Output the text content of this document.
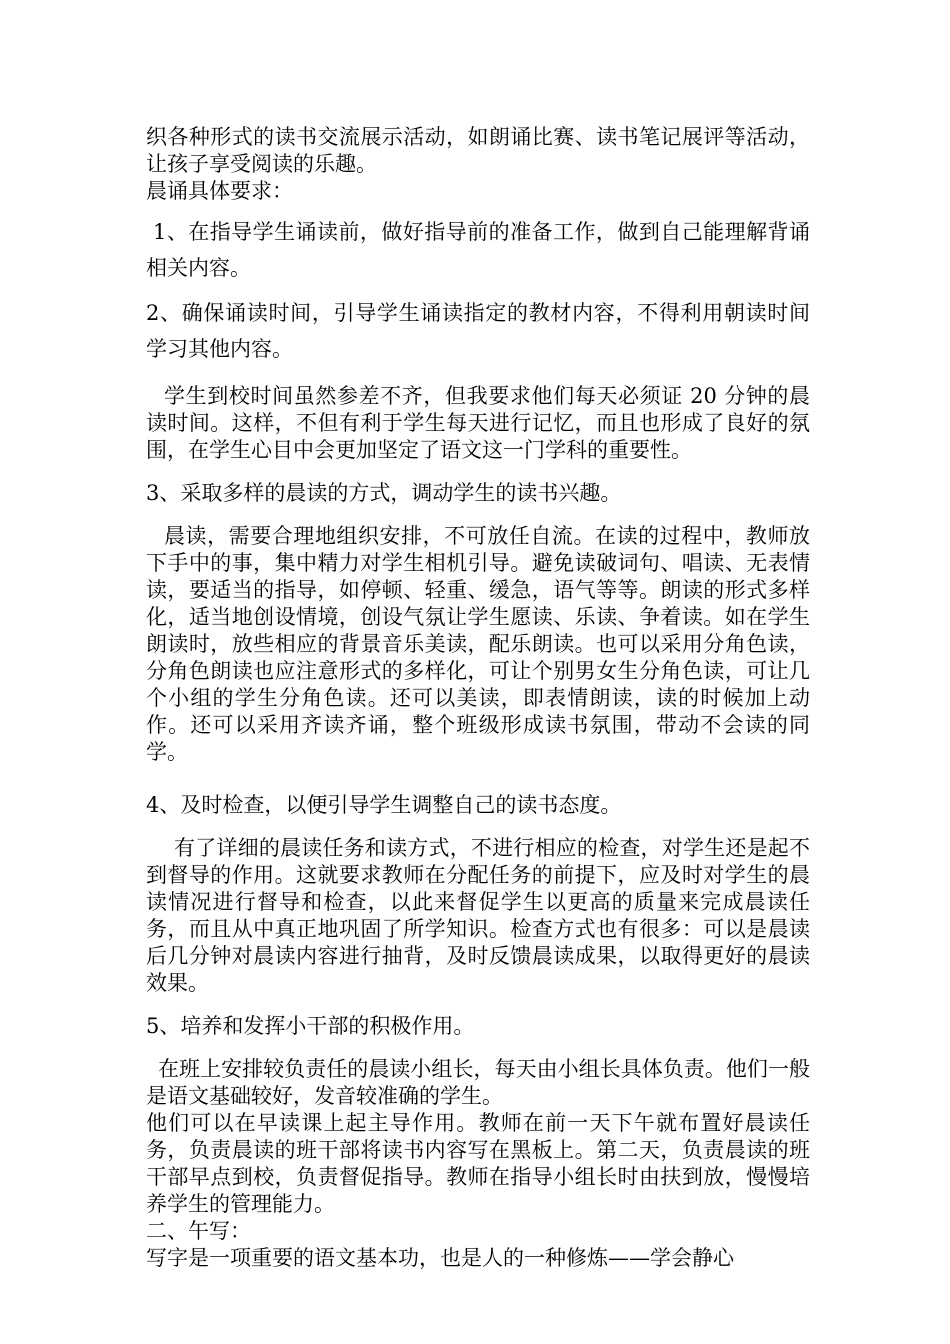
织各种形式的读书交流展示活动，如朗诵比赛、读书笔记展评等活动，让孩子享受阅读的乐趣。

晨诵具体要求：

1、在指导学生诵读前，做好指导前的准备工作，做到自己能理解背诵相关内容。

2、确保诵读时间，引导学生诵读指定的教材内容，不得利用朝读时间学习其他内容。

学生到校时间虽然参差不齐，但我要求他们每天必须证 20 分钟的晨读时间。这样，不但有利于学生每天进行记忆，而且也形成了良好的氛围，在学生心目中会更加坚定了语文这一门学科的重要性。

3、采取多样的晨读的方式，调动学生的读书兴趣。

晨读，需要合理地组织安排，不可放任自流。在读的过程中，教师放下手中的事，集中精力对学生相机引导。避免读破词句、唱读、无表情读，要适当的指导，如停顿、轻重、缓急，语气等等。朗读的形式多样化，适当地创设情境，创设气氛让学生愿读、乐读、争着读。如在学生朗读时，放些相应的背景音乐美读，配乐朗读。也可以采用分角色读，分角色朗读也应注意形式的多样化，可让个别男女生分角色读，可让几个小组的学生分角色读。还可以美读，即表情朗读，读的时候加上动作。还可以采用齐读齐诵，整个班级形成读书氛围，带动不会读的同学。

4、及时检查，以便引导学生调整自己的读书态度。

有了详细的晨读任务和读方式，不进行相应的检查，对学生还是起不到督导的作用。这就要求教师在分配任务的前提下，应及时对学生的晨读情况进行督导和检查，以此来督促学生以更高的质量来完成晨读任务，而且从中真正地巩固了所学知识。检查方式也有很多：可以是晨读后几分钟对晨读内容进行抽背，及时反馈晨读成果，以取得更好的晨读效果。

5、培养和发挥小干部的积极作用。

在班上安排较负责任的晨读小组长，每天由小组长具体负责。他们一般是语文基础较好，发音较准确的学生。

他们可以在早读课上起主导作用。教师在前一天下午就布置好晨读任务，负责晨读的班干部将读书内容写在黑板上。第二天，负责晨读的班干部早点到校，负责督促指导。教师在指导小组长时由扶到放，慢慢培养学生的管理能力。

二、午写：

写字是一项重要的语文基本功，也是人的一种修炼——学会静心
